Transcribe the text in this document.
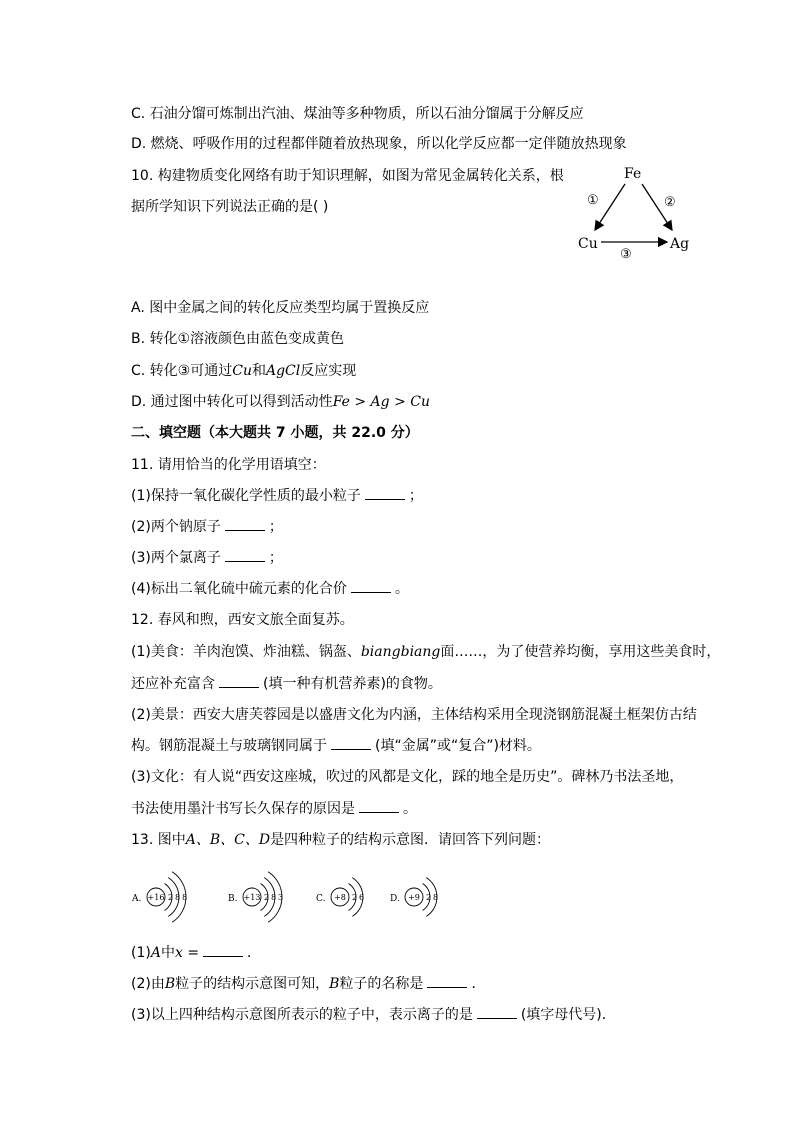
C. 石油分馏可炼制出汽油、煤油等多种物质，所以石油分馏属于分解反应
D. 燃烧、呼吸作用的过程都伴随着放热现象，所以化学反应都一定伴随放热现象
10. 构建物质变化网络有助于知识理解，如图为常见金属转化关系，根
据所学知识下列说法正确的是( )
Fe
Cu	Ag
①	②
③
A. 图中金属之间的转化反应类型均属于置换反应
B. 转化①溶液颜色由蓝色变成黄色
C. 转化③可通过Cu和AgCl反应实现
D. 通过图中转化可以得到活动性Fe > Ag > Cu
二、填空题（本大题共 7 小题，共 22.0 分）
11. 请用恰当的化学用语填空：
(1)保持一氧化碳化学性质的最小粒子	；
(2)两个钠原子	；
(3)两个氯离子	；
(4)标出二氧化硫中硫元素的化合价	。
12. 春风和煦，西安文旅全面复苏。
(1)美食：羊肉泡馍、炸油糕、锅盔、biangbiang面……，为了使营养均衡，享用这些美食时，
还应补充富含	(填一种有机营养素)的食物。
(2)美景：西安大唐芙蓉园是以盛唐文化为内涵，主体结构采用全现浇钢筋混凝土框架仿古结
构。钢筋混凝土与玻璃钢同属于	(填“金属”或“复合”)材料。
(3)文化：有人说“西安这座城，吹过的风都是文化，踩的地全是历史”。碑林乃书法圣地，
书法使用墨汁书写长久保存的原因是	。
13. 图中A、B、C、D是四种粒子的结构示意图．请回答下列问题：
A. +16 2 8 8	B. +13 2 8 3	C. +8 2 6	D. +9 2 8
(1)A中x =	．
(2)由B粒子的结构示意图可知，B粒子的名称是	．
(3)以上四种结构示意图所表示的粒子中，表示离子的是	(填字母代号)．
